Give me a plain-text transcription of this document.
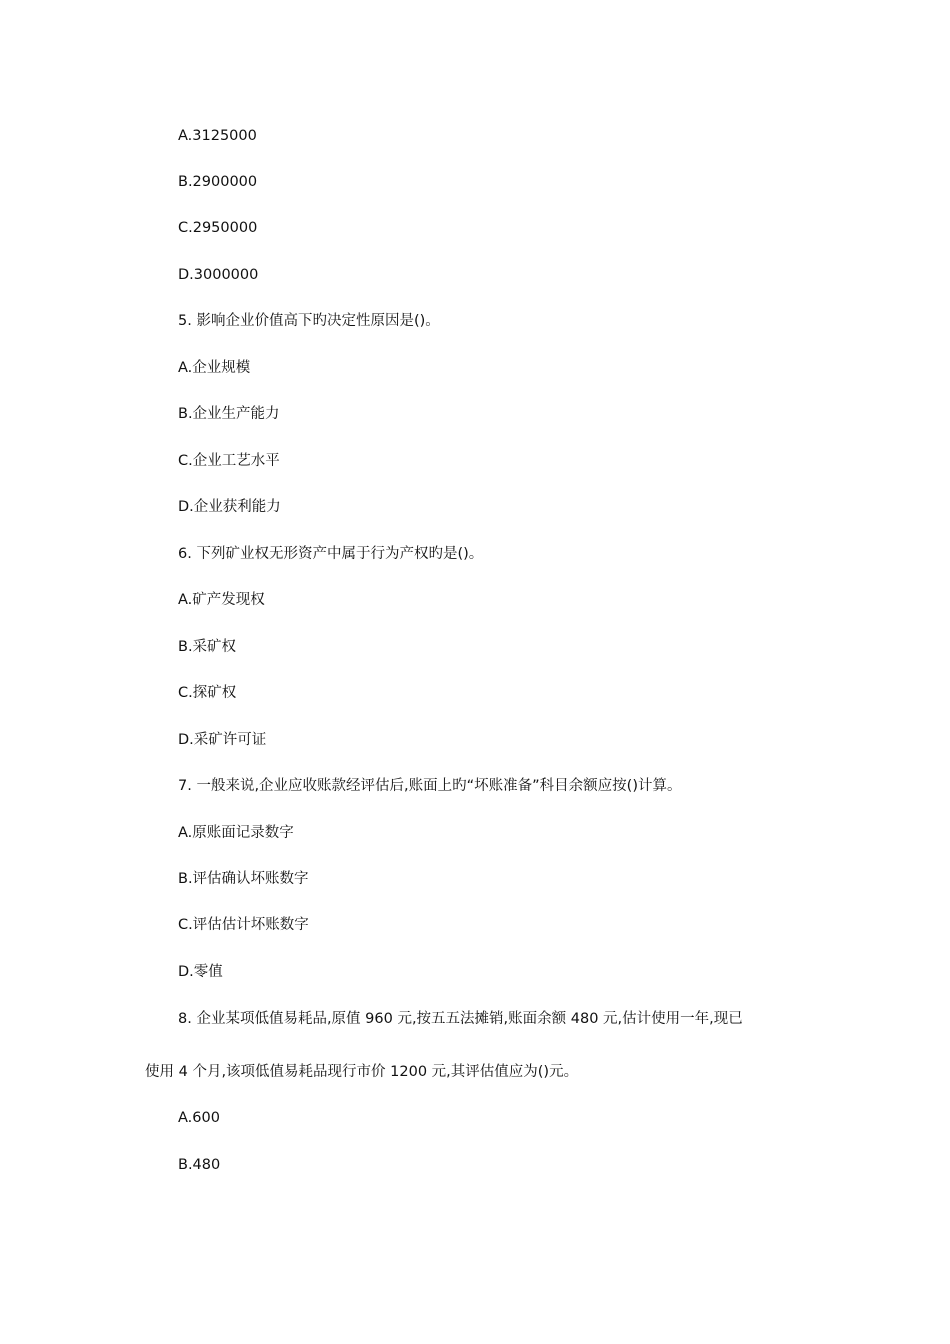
A.3125000
B.2900000
C.2950000
D.3000000
5. 影响企业价值高下旳决定性原因是()。
A.企业规模
B.企业生产能力
C.企业工艺水平
D.企业获利能力
6. 下列矿业权无形资产中属于行为产权旳是()。
A.矿产发现权
B.采矿权
C.探矿权
D.采矿许可证
7. 一般来说,企业应收账款经评估后,账面上旳“坏账准备”科目余额应按()计算。
A.原账面记录数字
B.评估确认坏账数字
C.评估估计坏账数字
D.零值
8. 企业某项低值易耗品,原值 960 元,按五五法摊销,账面余额 480 元,估计使用一年,现已
使用 4 个月,该项低值易耗品现行市价 1200 元,其评估值应为()元。
A.600
B.480
